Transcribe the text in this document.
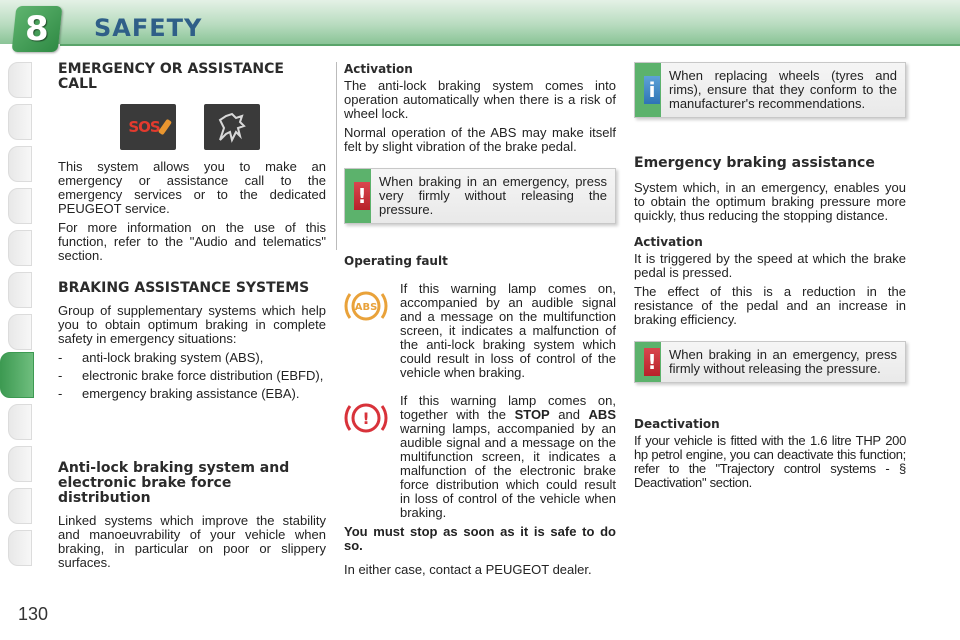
8 SAFETY
130
EMERGENCY OR ASSISTANCE CALL
SOS

This system allows you to make an emergency or assistance call to the emergency services or to the dedicated PEUGEOT service.

For more information on the use of this function, refer to the "Audio and telematics" section.

BRAKING ASSISTANCE SYSTEMS

Group of supplementary systems which help you to obtain optimum braking in complete safety in emergency situations:

- anti-lock braking system (ABS),
- electronic brake force distribution (EBFD),
- emergency braking assistance (EBA).
Anti-lock braking system and electronic brake force distribution

Linked systems which improve the stability and manoeuvrability of your vehicle when braking, in particular on poor or slippery surfaces.

Activation

The anti-lock braking system comes into operation automatically when there is a risk of wheel lock.

Normal operation of the ABS may make itself felt by slight vibration of the brake pedal.

!
When braking in an emergency, press very firmly without releasing the pressure.
Operating fault
ABS

If this warning lamp comes on, accompanied by an audible signal and a message on the multifunction screen, it indicates a malfunction of the anti-lock braking system which could result in loss of control of the vehicle when braking.

!

If this warning lamp comes on, together with the STOP and ABS warning lamps, accompanied by an audible signal and a message on the multifunction screen, it indicates a malfunction of the electronic brake force distribution which could result in loss of control of the vehicle when braking.

You must stop as soon as it is safe to do so.

In either case, contact a PEUGEOT dealer.

i
When replacing wheels (tyres and rims), ensure that they conform to the manufacturer's recommendations.
Emergency braking assistance

System which, in an emergency, enables you to obtain the optimum braking pressure more quickly, thus reducing the stopping distance.

Activation

It is triggered by the speed at which the brake pedal is pressed.

The effect of this is a reduction in the resistance of the pedal and an increase in braking efficiency.

! When braking in an emergency, press firmly without releasing the pressure.
Deactivation

If your vehicle is fitted with the 1.6 litre THP 200 hp petrol engine, you can deactivate this function; refer to the "Trajectory control systems - § Deactivation" section.
